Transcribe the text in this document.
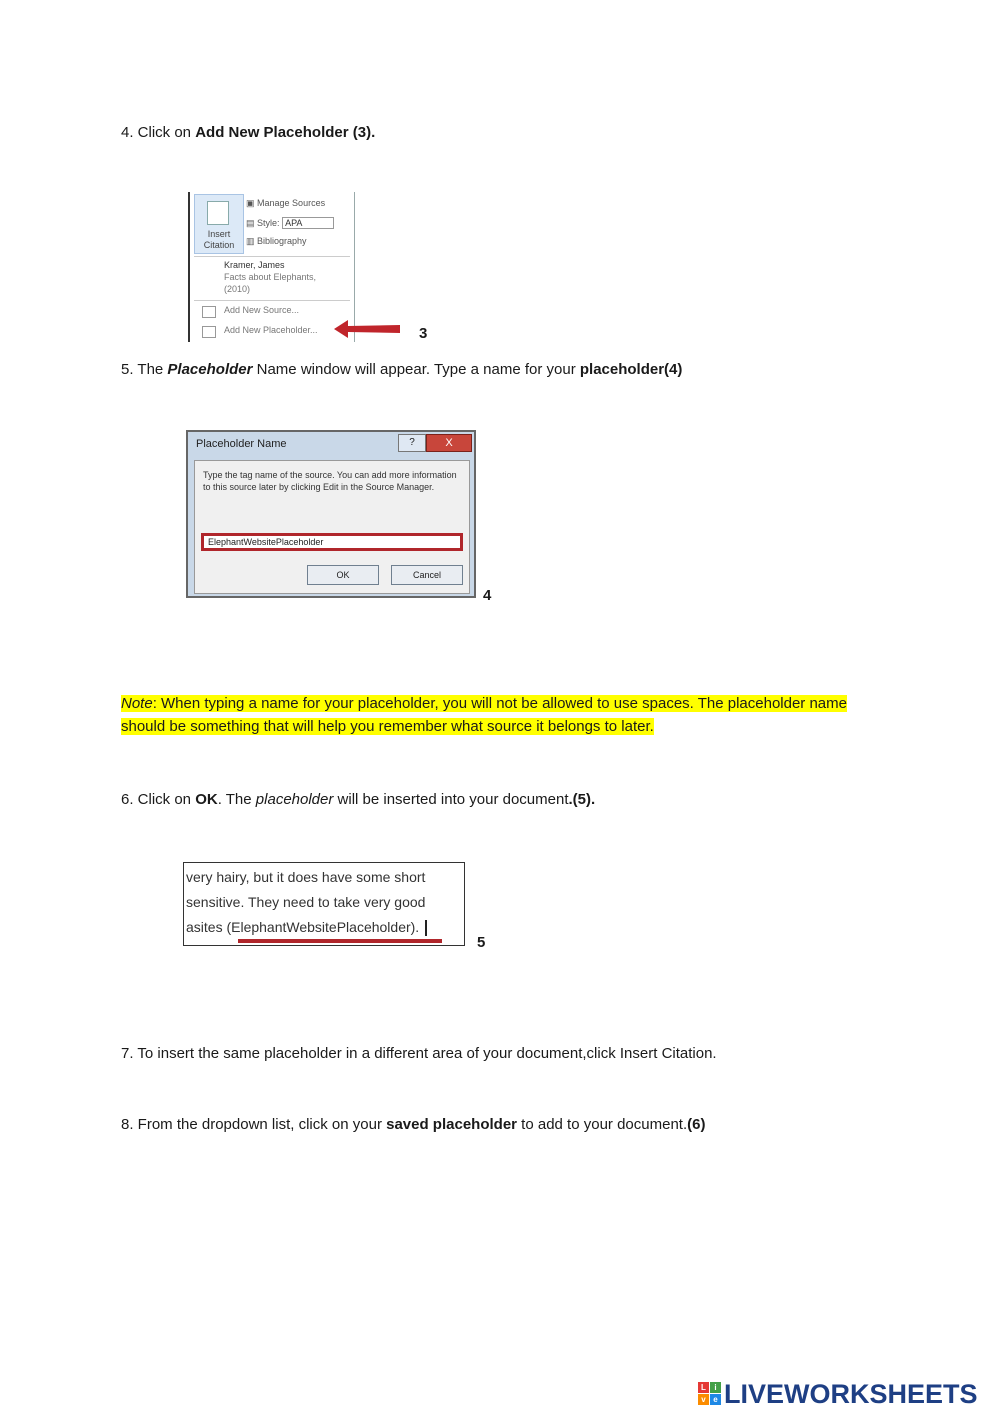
4. Click on Add New Placeholder (3).
Insert Citation
▣ Manage Sources
▤ Style: APA
▥ Bibliography
Kramer, James
Facts about Elephants,
(2010)
Add New Source...
Add New Placeholder...	3
5. The Placeholder Name window will appear. Type a name for your placeholder(4)
Placeholder Name	?	X
Type the tag name of the source. You can add more information to this source later by clicking Edit in the Source Manager.
ElephantWebsitePlaceholder
OK	Cancel
4
Note: When typing a name for your placeholder, you will not be allowed to use spaces. The placeholder name should be something that will help you remember what source it belongs to later.
6. Click on OK. The placeholder will be inserted into your document.(5).
very hairy, but it does have some short
sensitive. They need to take very good
asites (ElephantWebsitePlaceholder).
5
7. To insert the same placeholder in a different area of your document,click Insert Citation.
8. From the dropdown list, click on your saved placeholder to add to your document.(6)
L	i
v e LIVEWORKSHEETS
